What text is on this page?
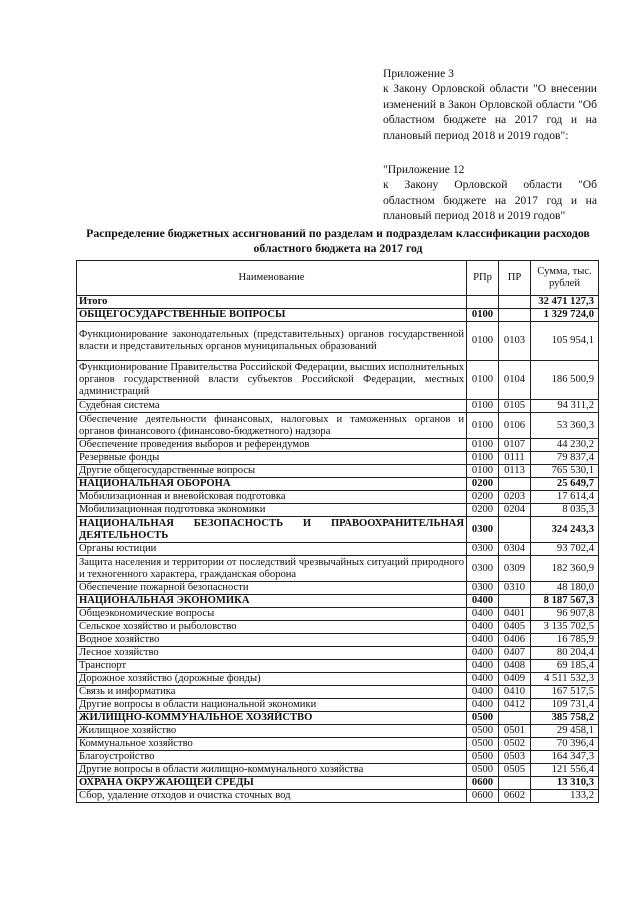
Приложение 3

к Закону Орловской области "О внесении изменений в Закон Орловской области "Об областном бюджете на 2017 год и на плановый период 2018 и 2019 годов":

"Приложение 12

к Закону Орловской области "Об областном бюджете на 2017 год и на плановый период 2018 и 2019 годов"

Распределение бюджетных ассигнований по разделам и подразделам классификации расходов областного бюджета на 2017 год
Наименование	РПр	ПР	Сумма, тыс. рублей
Итого			32 471 127,3
ОБЩЕГОСУДАРСТВЕННЫЕ ВОПРОСЫ	0100		1 329 724,0
Функционирование законодательных (представительных) органов государственной власти и представительных органов муниципальных образований	0100	0103	105 954,1
Функционирование Правительства Российской Федерации, высших исполнительных органов государственной власти субъектов Российской Федерации, местных администраций	0100	0104	186 500,9
Судебная система	0100	0105	94 311,2
Обеспечение деятельности финансовых, налоговых и таможенных органов и органов финансового (финансово-бюджетного) надзора	0100	0106	53 360,3
Обеспечение проведения выборов и референдумов	0100	0107	44 230,2
Резервные фонды	0100	0111	79 837,4
Другие общегосударственные вопросы	0100	0113	765 530,1
НАЦИОНАЛЬНАЯ ОБОРОНА	0200		25 649,7
Мобилизационная и вневойсковая подготовка	0200	0203	17 614,4
Мобилизационная подготовка экономики	0200	0204	8 035,3
НАЦИОНАЛЬНАЯ БЕЗОПАСНОСТЬ И ПРАВООХРАНИТЕЛЬНАЯ ДЕЯТЕЛЬНОСТЬ	0300		324 243,3
Органы юстиции	0300	0304	93 702,4
Защита населения и территории от последствий чрезвычайных ситуаций природного и техногенного характера, гражданская оборона	0300	0309	182 360,9
Обеспечение пожарной безопасности	0300	0310	48 180,0
НАЦИОНАЛЬНАЯ ЭКОНОМИКА	0400		8 187 567,3
Общеэкономические вопросы	0400	0401	96 907,8
Сельское хозяйство и рыболовство	0400	0405	3 135 702,5
Водное хозяйство	0400	0406	16 785,9
Лесное хозяйство	0400	0407	80 204,4
Транспорт	0400	0408	69 185,4
Дорожное хозяйство (дорожные фонды)	0400	0409	4 511 532,3
Связь и информатика	0400	0410	167 517,5
Другие вопросы в области национальной экономики	0400	0412	109 731,4
ЖИЛИЩНО-КОММУНАЛЬНОЕ ХОЗЯЙСТВО	0500		385 758,2
Жилищное хозяйство	0500	0501	29 458,1
Коммунальное хозяйство	0500	0502	70 396,4
Благоустройство	0500	0503	164 347,3
Другие вопросы в области жилищно-коммунального хозяйства	0500	0505	121 556,4
ОХРАНА ОКРУЖАЮЩЕЙ СРЕДЫ	0600		13 310,3
Сбор, удаление отходов и очистка сточных вод	0600	0602	133,2
